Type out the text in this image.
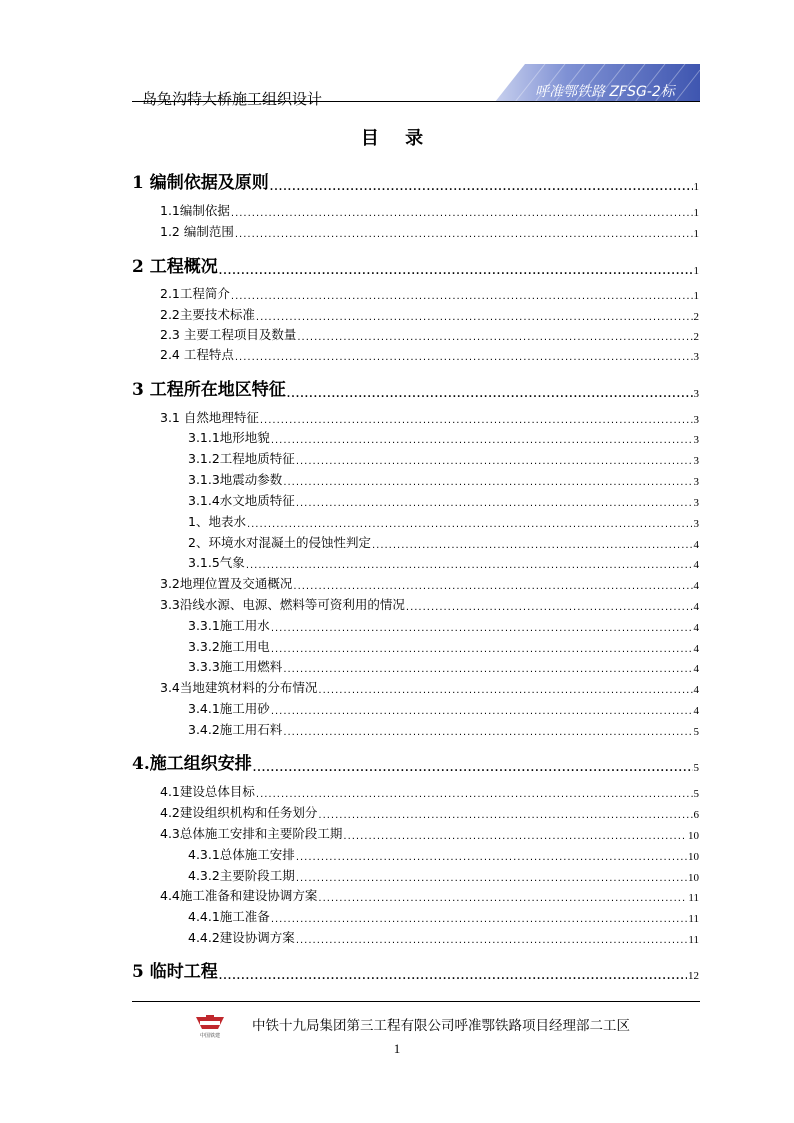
岛兔沟特大桥施工组织设计	呼准鄂铁路 ZFSG-2标
目 录
1 编制依据及原则 .....	1
1.1编制依据 .....	1
1.2 编制范围 .....	1
2 工程概况 .....	1
2.1工程简介 .....	1
2.2主要技术标准 .....	2
2.3 主要工程项目及数量 .....	2
2.4 工程特点 .....	3
3 工程所在地区特征 .....	3
3.1 自然地理特征 .....	3
3.1.1地形地貌 .....	3
3.1.2工程地质特征 .....	3
3.1.3地震动参数 .....	3
3.1.4水文地质特征 .....	3
1、地表水 .....	3
2、环境水对混凝土的侵蚀性判定 .....	4
3.1.5气象 .....	4
3.2地理位置及交通概况 .....	4
3.3沿线水源、电源、燃料等可资利用的情况 .....	4
3.3.1施工用水 .....	4
3.3.2施工用电 .....	4
3.3.3施工用燃料 .....	4
3.4当地建筑材料的分布情况 .....	4
3.4.1施工用砂 .....	4
3.4.2施工用石料 .....	5
4.施工组织安排 .....	5
4.1建设总体目标 .....	5
4.2建设组织机构和任务划分 .....	6
4.3总体施工安排和主要阶段工期 .....	10
4.3.1总体施工安排 .....	10
4.3.2主要阶段工期 .....	10
4.4施工准备和建设协调方案 .....	11
4.4.1施工准备 .....	11
4.4.2建设协调方案 .....	11
5 临时工程 .....	12
中国铁建
中铁十九局集团第三工程有限公司呼准鄂铁路项目经理部二工区
1
